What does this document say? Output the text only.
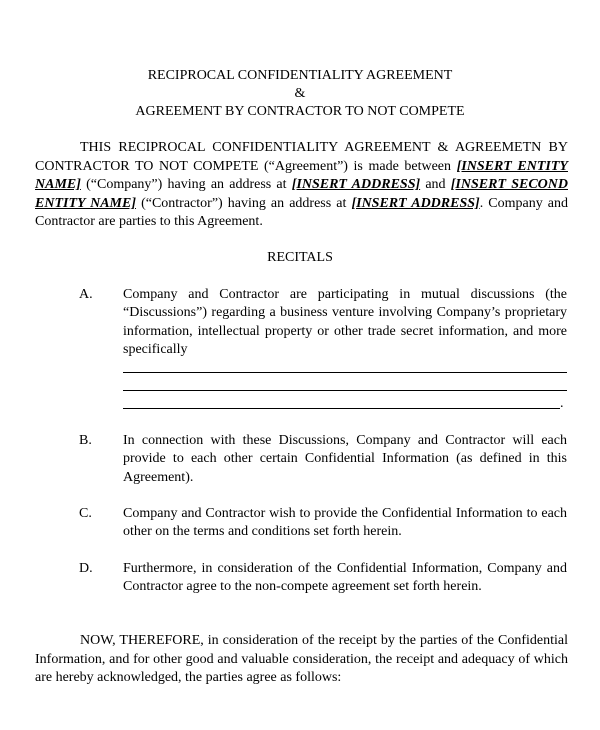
RECIPROCAL CONFIDENTIALITY AGREEMENT
&
AGREEMENT BY CONTRACTOR TO NOT COMPETE
THIS RECIPROCAL CONFIDENTIALITY AGREEMENT & AGREEMETN BY CONTRACTOR TO NOT COMPETE (“Agreement”) is made between [INSERT ENTITY NAME] (“Company”) having an address at [INSERT ADDRESS] and [INSERT SECOND ENTITY NAME] (“Contractor”) having an address at [INSERT ADDRESS]. Company and Contractor are parties to this Agreement.
RECITALS
A.	Company and Contractor are participating in mutual discussions (the “Discussions”) regarding a business venture involving Company’s proprietary information, intellectual property or other trade secret information, and more specifically
.
B.	In connection with these Discussions, Company and Contractor will each provide to each other certain Confidential Information (as defined in this Agreement).
C.	Company and Contractor wish to provide the Confidential Information to each other on the terms and conditions set forth herein.
D.	Furthermore, in consideration of the Confidential Information, Company and Contractor agree to the non-compete agreement set forth herein.
NOW, THEREFORE, in consideration of the receipt by the parties of the Confidential Information, and for other good and valuable consideration, the receipt and adequacy of which are hereby acknowledged, the parties agree as follows:
